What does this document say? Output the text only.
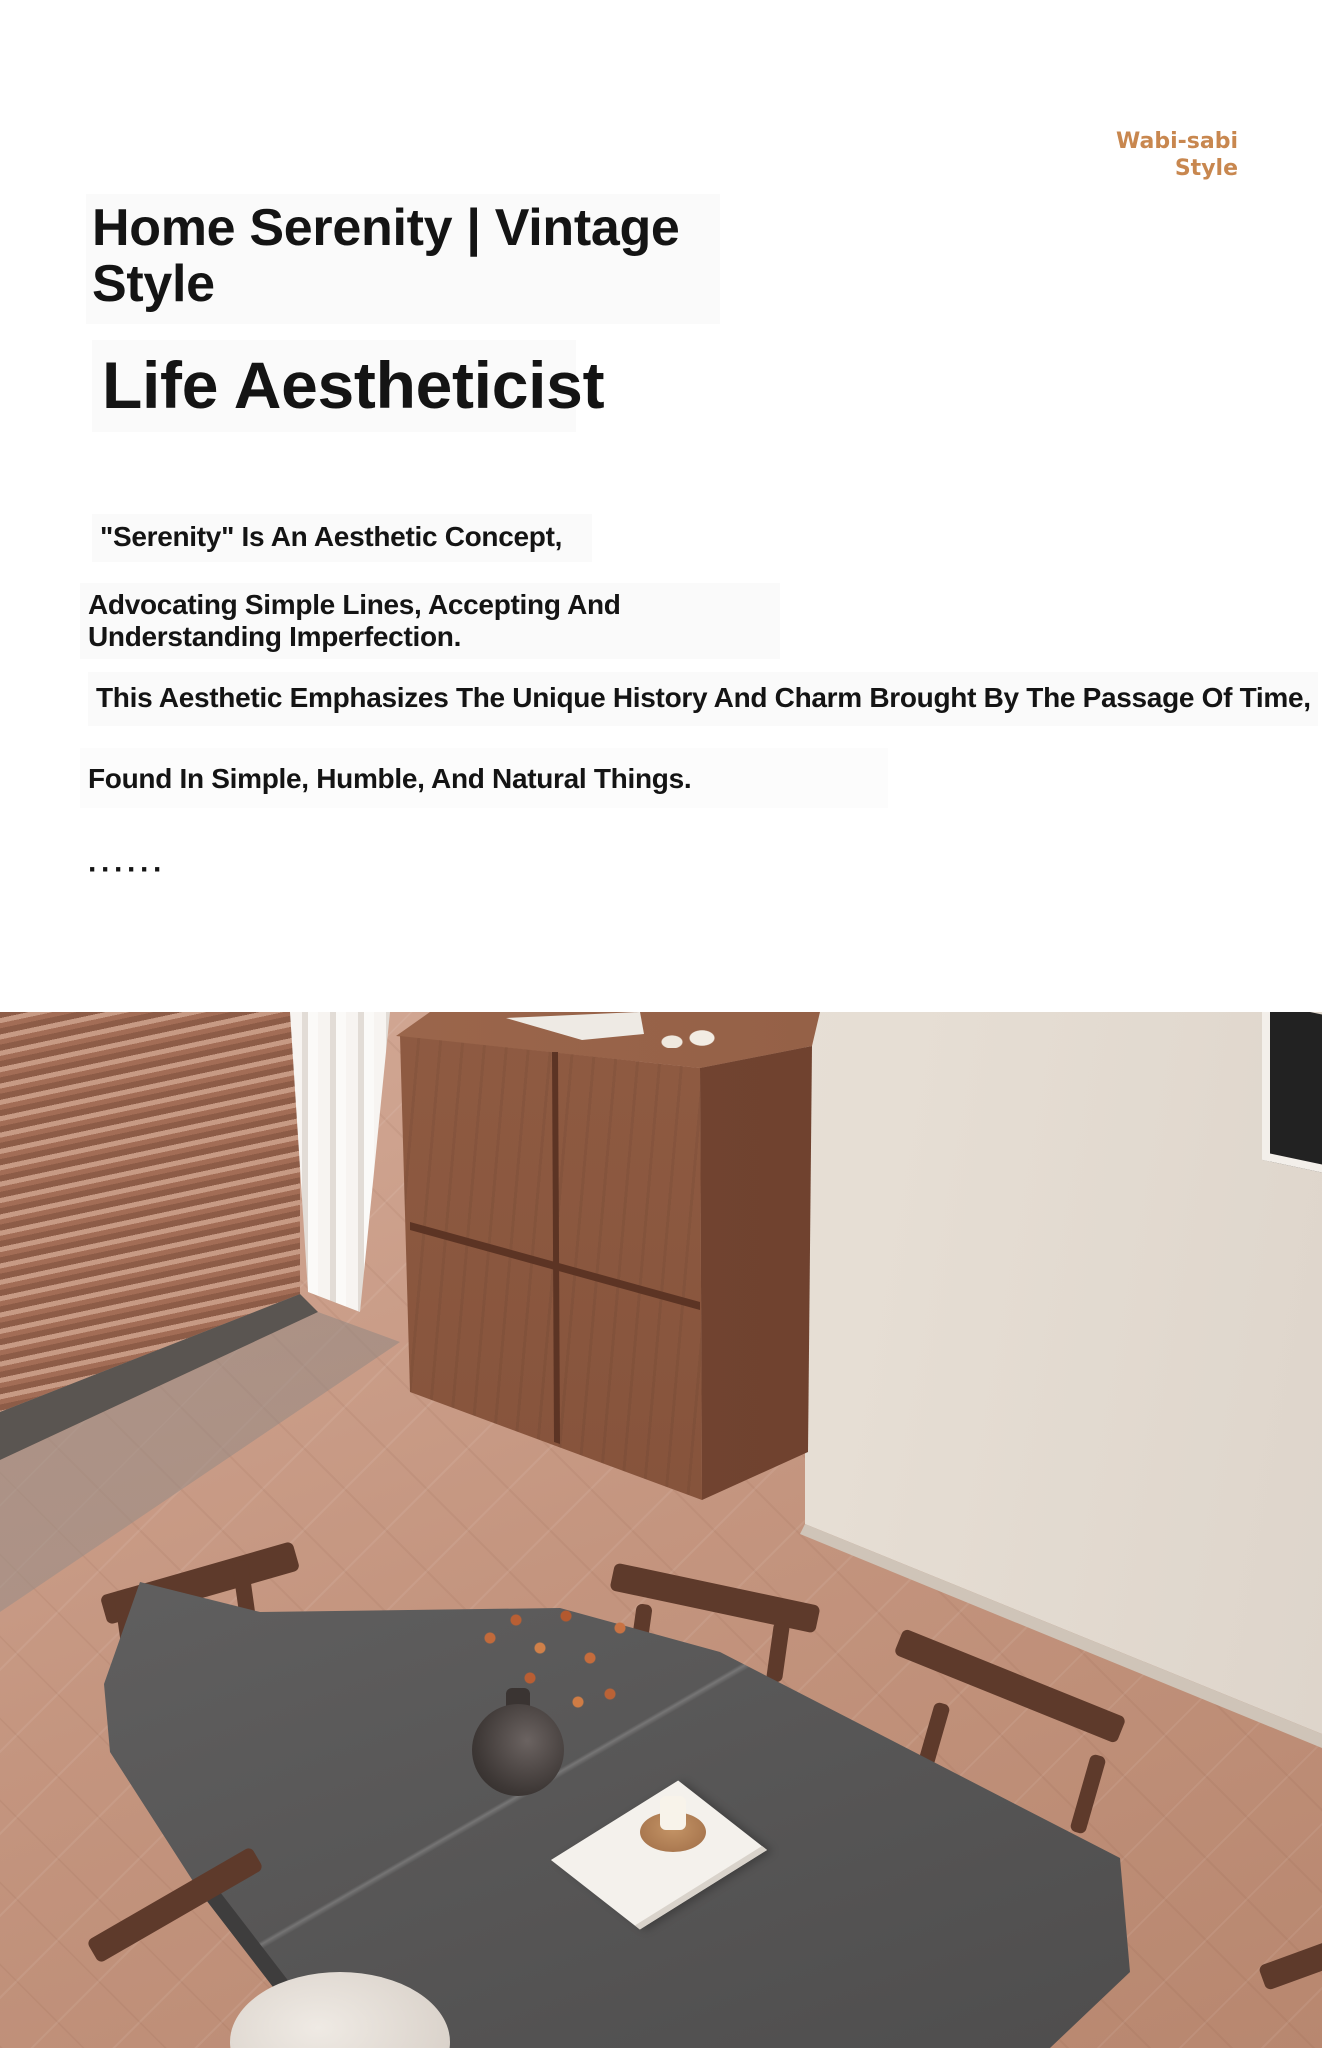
Wabi-sabi
Style
Home Serenity | Vintage Style
Life Aestheticist

"Serenity" Is An Aesthetic Concept,

Advocating Simple Lines, Accepting And Understanding Imperfection.

This Aesthetic Emphasizes The Unique History And Charm Brought By The Passage Of Time,

Found In Simple, Humble, And Natural Things.

······
